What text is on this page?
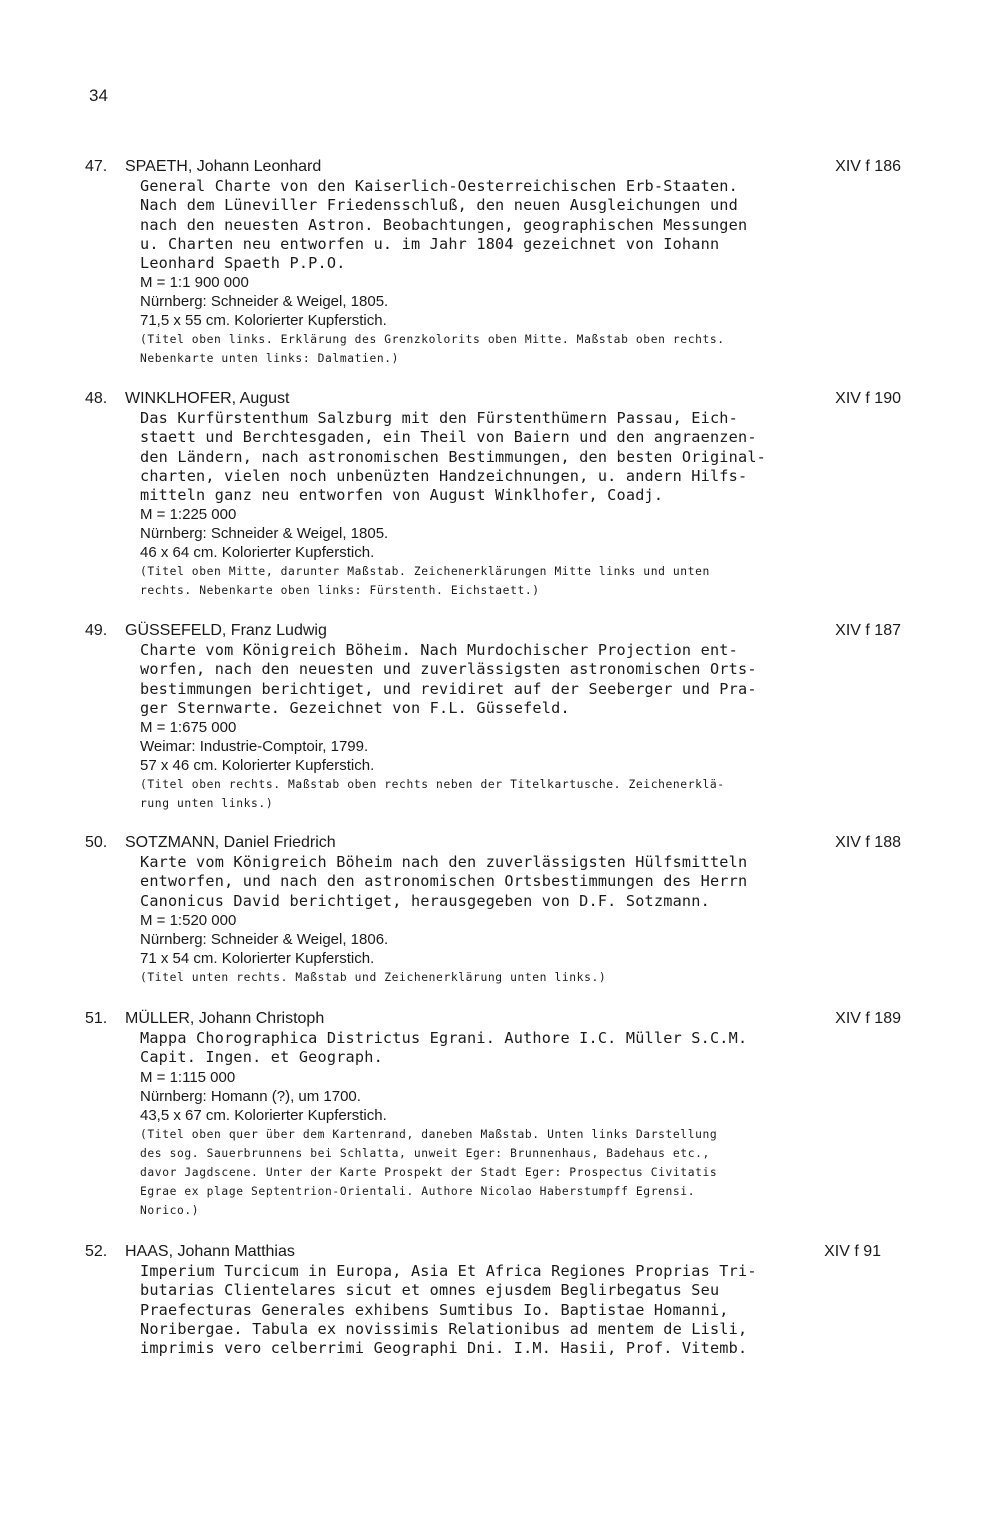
34
47. SPAETH, Johann Leonhard	XIV f 186
General Charte von den Kaiserlich-Oesterreichischen Erb-Staaten.
Nach dem Lüneviller Friedensschluß, den neuen Ausgleichungen und
nach den neuesten Astron. Beobachtungen, geographischen Messungen
u. Charten neu entworfen u. im Jahr 1804 gezeichnet von Iohann
Leonhard Spaeth P.P.O.
M = 1:1 900 000
Nürnberg: Schneider & Weigel, 1805.
71,5 x 55 cm. Kolorierter Kupferstich.
(Titel oben links. Erklärung des Grenzkolorits oben Mitte. Maßstab oben rechts.
Nebenkarte unten links: Dalmatien.)
48. WINKLHOFER, August	XIV f 190
Das Kurfürstenthum Salzburg mit den Fürstenthümern Passau, Eich-
staett und Berchtesgaden, ein Theil von Baiern und den angraenzen-
den Ländern, nach astronomischen Bestimmungen, den besten Original-
charten, vielen noch unbenüzten Handzeichnungen, u. andern Hilfs-
mitteln ganz neu entworfen von August Winklhofer, Coadj.
M = 1:225 000
Nürnberg: Schneider & Weigel, 1805.
46 x 64 cm. Kolorierter Kupferstich.
(Titel oben Mitte, darunter Maßstab. Zeichenerklärungen Mitte links und unten
rechts. Nebenkarte oben links: Fürstenth. Eichstaett.)
49. GÜSSEFELD, Franz Ludwig	XIV f 187
Charte vom Königreich Böheim. Nach Murdochischer Projection ent-
worfen, nach den neuesten und zuverlässigsten astronomischen Orts-
bestimmungen berichtiget, und revidiret auf der Seeberger und Pra-
ger Sternwarte. Gezeichnet von F.L. Güssefeld.
M = 1:675 000
Weimar: Industrie-Comptoir, 1799.
57 x 46 cm. Kolorierter Kupferstich.
(Titel oben rechts. Maßstab oben rechts neben der Titelkartusche. Zeichenerklä-
rung unten links.)
50. SOTZMANN, Daniel Friedrich	XIV f 188
Karte vom Königreich Böheim nach den zuverlässigsten Hülfsmitteln
entworfen, und nach den astronomischen Ortsbestimmungen des Herrn
Canonicus David berichtiget, herausgegeben von D.F. Sotzmann.
M = 1:520 000
Nürnberg: Schneider & Weigel, 1806.
71 x 54 cm. Kolorierter Kupferstich.
(Titel unten rechts. Maßstab und Zeichenerklärung unten links.)
51. MÜLLER, Johann Christoph	XIV f 189
Mappa Chorographica Districtus Egrani. Authore I.C. Müller S.C.M.
Capit. Ingen. et Geograph.
M = 1:115 000
Nürnberg: Homann (?), um 1700.
43,5 x 67 cm. Kolorierter Kupferstich.
(Titel oben quer über dem Kartenrand, daneben Maßstab. Unten links Darstellung
des sog. Sauerbrunnens bei Schlatta, unweit Eger: Brunnenhaus, Badehaus etc.,
davor Jagdscene. Unter der Karte Prospekt der Stadt Eger: Prospectus Civitatis
Egrae ex plage Septentrion-Orientali. Authore Nicolao Haberstumpff Egrensi.
Norico.)
52. HAAS, Johann Matthias	XIV f 91
Imperium Turcicum in Europa, Asia Et Africa Regiones Proprias Tri-
butarias Clientelares sicut et omnes ejusdem Beglirbegatus Seu
Praefecturas Generales exhibens Sumtibus Io. Baptistae Homanni,
Noribergae. Tabula ex novissimis Relationibus ad mentem de Lisli,
imprimis vero celberrimi Geographi Dni. I.M. Hasii, Prof. Vitemb.
